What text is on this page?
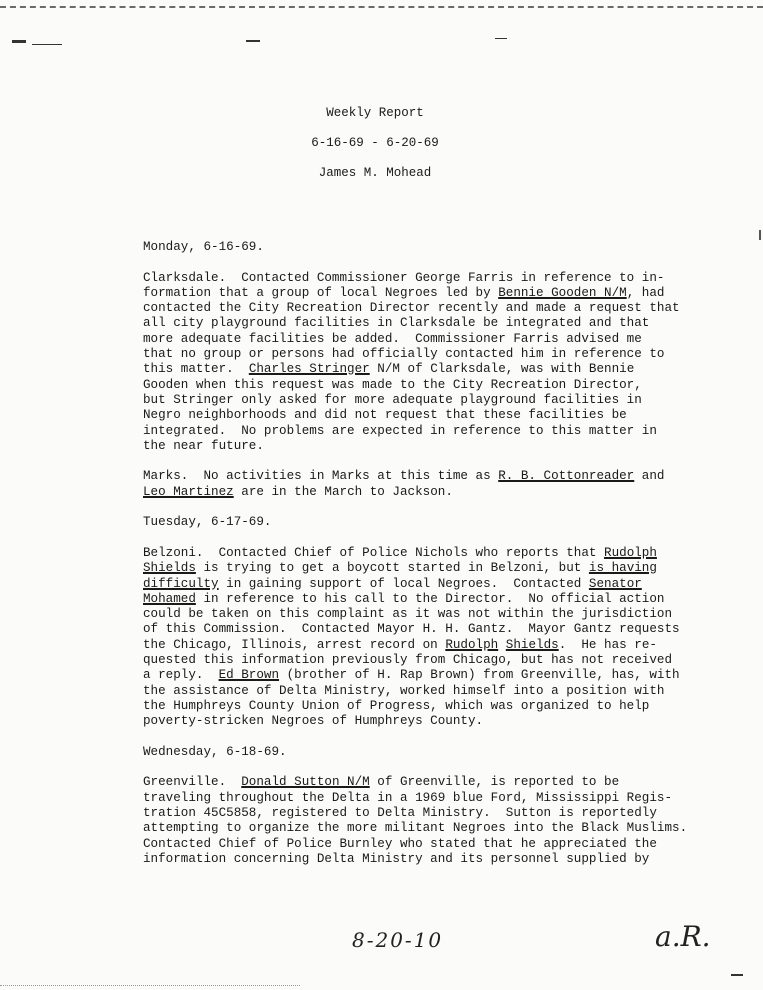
Weekly Report
6-16-69 - 6-20-69
James M. Mohead
Monday, 6-16-69.
Clarksdale.  Contacted Commissioner George Farris in reference to in-
formation that a group of local Negroes led by Bennie Gooden N/M, had
contacted the City Recreation Director recently and made a request that
all city playground facilities in Clarksdale be integrated and that
more adequate facilities be added.  Commissioner Farris advised me
that no group or persons had officially contacted him in reference to
this matter.  Charles Stringer N/M of Clarksdale, was with Bennie
Gooden when this request was made to the City Recreation Director,
but Stringer only asked for more adequate playground facilities in
Negro neighborhoods and did not request that these facilities be
integrated.  No problems are expected in reference to this matter in
the near future.
Marks.  No activities in Marks at this time as R. B. Cottonreader and
Leo Martinez are in the March to Jackson.
Tuesday, 6-17-69.
Belzoni.  Contacted Chief of Police Nichols who reports that Rudolph
Shields is trying to get a boycott started in Belzoni, but is having
difficulty in gaining support of local Negroes.  Contacted Senator
Mohamed in reference to his call to the Director.  No official action
could be taken on this complaint as it was not within the jurisdiction
of this Commission.  Contacted Mayor H. H. Gantz.  Mayor Gantz requests
the Chicago, Illinois, arrest record on Rudolph Shields.  He has re-
quested this information previously from Chicago, but has not received
a reply.  Ed Brown (brother of H. Rap Brown) from Greenville, has, with
the assistance of Delta Ministry, worked himself into a position with
the Humphreys County Union of Progress, which was organized to help
poverty-stricken Negroes of Humphreys County.
Wednesday, 6-18-69.
Greenville.  Donald Sutton N/M of Greenville, is reported to be
traveling throughout the Delta in a 1969 blue Ford, Mississippi Regis-
tration 45C5858, registered to Delta Ministry.  Sutton is reportedly
attempting to organize the more militant Negroes into the Black Muslims.
Contacted Chief of Police Burnley who stated that he appreciated the
information concerning Delta Ministry and its personnel supplied by
8-20-10	a.R.
